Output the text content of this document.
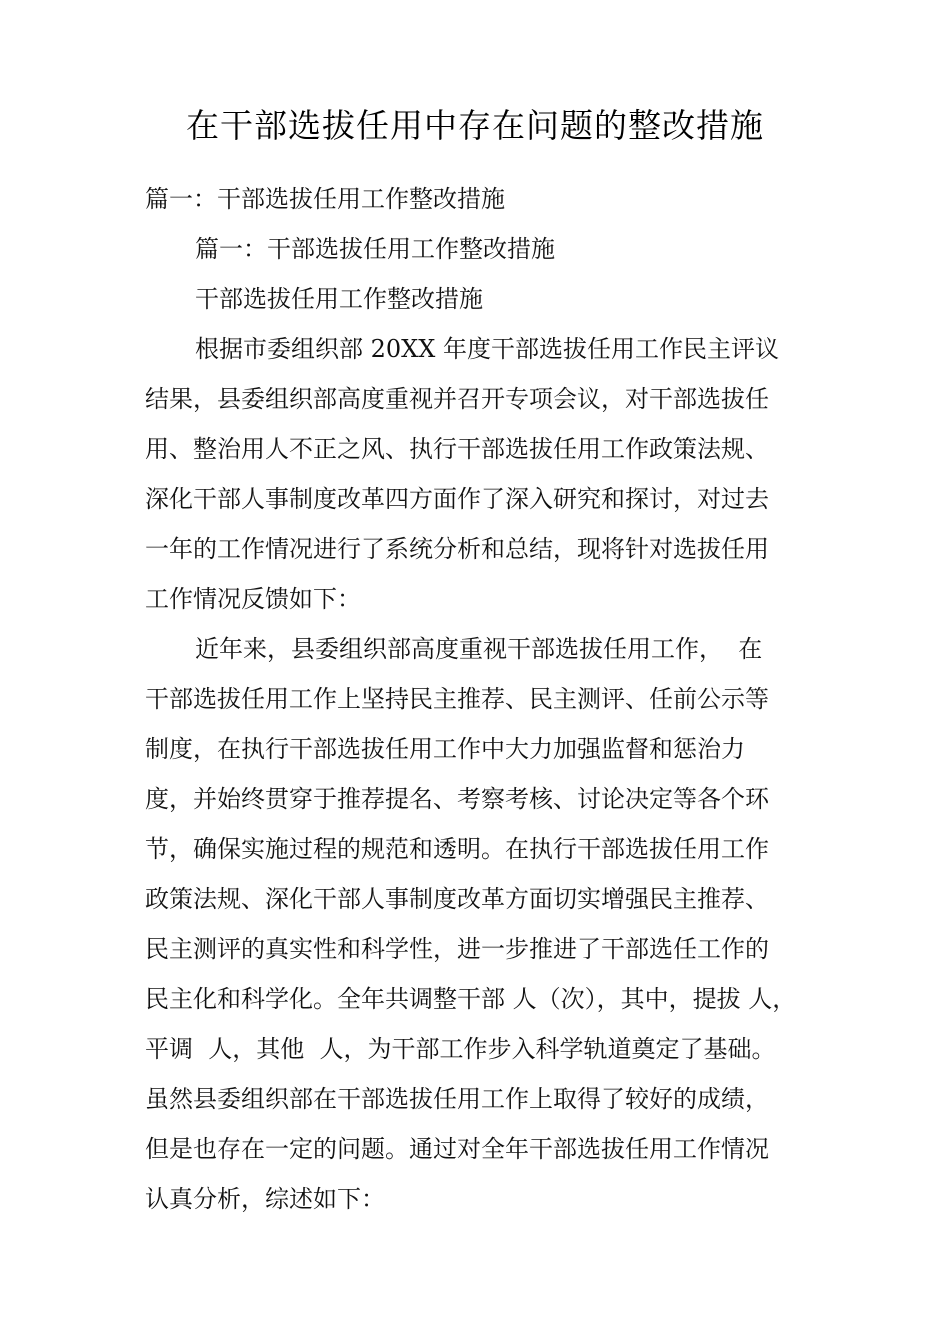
在干部选拔任用中存在问题的整改措施

篇一：干部选拔任用工作整改措施

篇一：干部选拔任用工作整改措施

干部选拔任用工作整改措施

根据市委组织部 20XX 年度干部选拔任用工作民主评议

结果，县委组织部高度重视并召开专项会议，对干部选拔任

用、整治用人不正之风、执行干部选拔任用工作政策法规、

深化干部人事制度改革四方面作了深入研究和探讨，对过去

一年的工作情况进行了系统分析和总结，现将针对选拔任用

工作情况反馈如下：

近年来，县委组织部高度重视干部选拔任用工作，  在

干部选拔任用工作上坚持民主推荐、民主测评、任前公示等

制度，在执行干部选拔任用工作中大力加强监督和惩治力

度，并始终贯穿于推荐提名、考察考核、讨论决定等各个环

节，确保实施过程的规范和透明。在执行干部选拔任用工作

政策法规、深化干部人事制度改革方面切实增强民主推荐、

民主测评的真实性和科学性，进一步推进了干部选任工作的

民主化和科学化。全年共调整干部 人（次），其中，提拔 人，

平调  人，其他  人，为干部工作步入科学轨道奠定了基础。

虽然县委组织部在干部选拔任用工作上取得了较好的成绩，

但是也存在一定的问题。通过对全年干部选拔任用工作情况

认真分析，综述如下：
